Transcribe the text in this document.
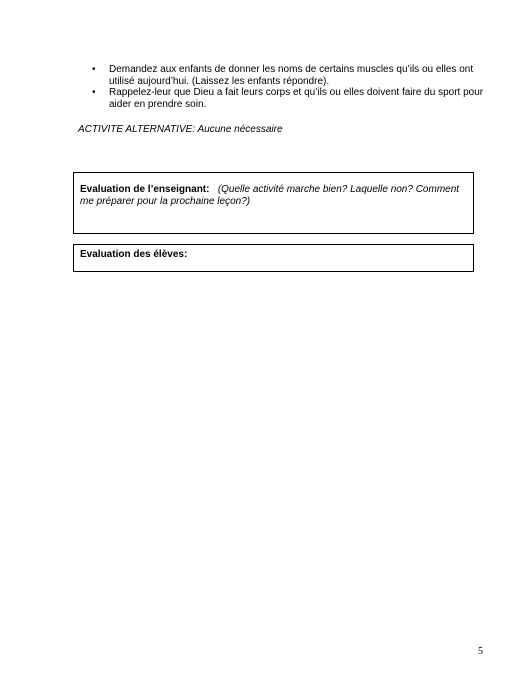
• Demandez aux enfants de donner les noms de certains muscles qu’ils ou elles ont utilisé aujourd’hui. (Laissez les enfants répondre).
• Rappelez-leur que Dieu a fait leurs corps et qu’ils ou elles doivent faire du sport pour aider en prendre soin.
ACTIVITE ALTERNATIVE: Aucune nécessaire
Evaluation de l’enseignant: (Quelle activité marche bien? Laquelle non? Comment me préparer pour la prochaine leçon?)
Evaluation des élèves:
5
